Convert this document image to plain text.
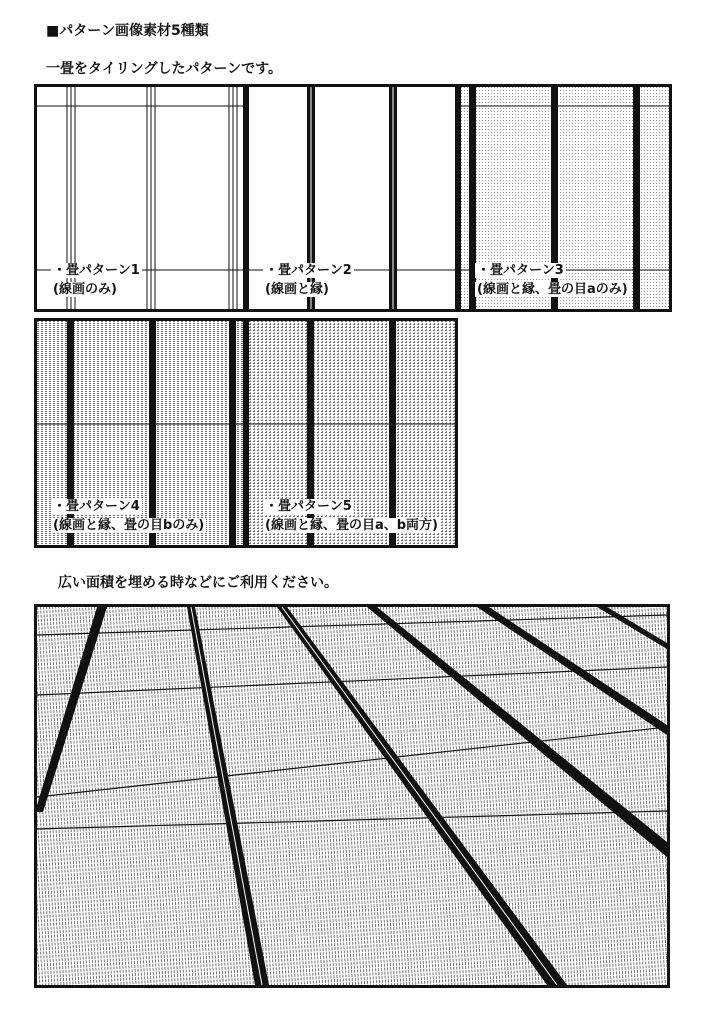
■パターン画像素材5種類
一畳をタイリングしたパターンです。
・畳パターン1
(線画のみ)
・畳パターン2
(線画と縁)
・畳パターン3
(線画と縁、畳の目aのみ)
・畳パターン4
(線画と縁、畳の目bのみ)
・畳パターン5
(線画と縁、畳の目a、b両方)
広い面積を埋める時などにご利用ください。
